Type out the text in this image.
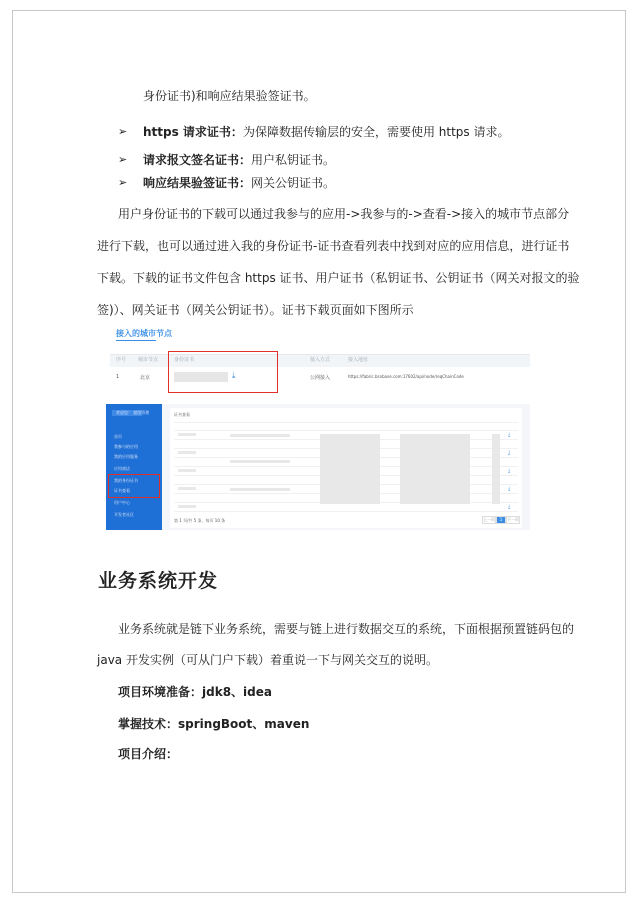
身份证书)和响应结果验签证书。
➢ https 请求证书：为保障数据传输层的安全，需要使用 https 请求。
➢ 请求报文签名证书：用户私钥证书。
➢ 响应结果验签证书：网关公钥证书。
用户身份证书的下载可以通过我参与的应用->我参与的->查看->接入的城市节点部分
进行下载，也可以通过进入我的身份证书-证书查看列表中找到对应的应用信息，进行证书
下载。下载的证书文件包含 https 证书、用户证书（私钥证书、公钥证书（网关对报文的验
签)）、网关证书（网关公钥证书）。证书下载页面如下图所示
接入的城市节点
序号 城市节点	身份证书	接入方式	接入地址
1	北京	⤓	公网接入	https://fabric.bsnbase.com:17602/api/node/reqChainCode
欢迎您！ 超级管理
首页
我参与的应用
我的应用服务
应用商店
我的身份证书
证书查看
用户中心
开发者社区
证书查看
⤓
⤓
⤓
⤓
⤓
第 1 页/共 5 条，每页 10 条	上一页	1	下一页
业务系统开发
业务系统就是链下业务系统，需要与链上进行数据交互的系统，下面根据预置链码包的
java 开发实例（可从门户下载）着重说一下与网关交互的说明。
项目环境准备：jdk8、idea
掌握技术：springBoot、maven
项目介绍：
